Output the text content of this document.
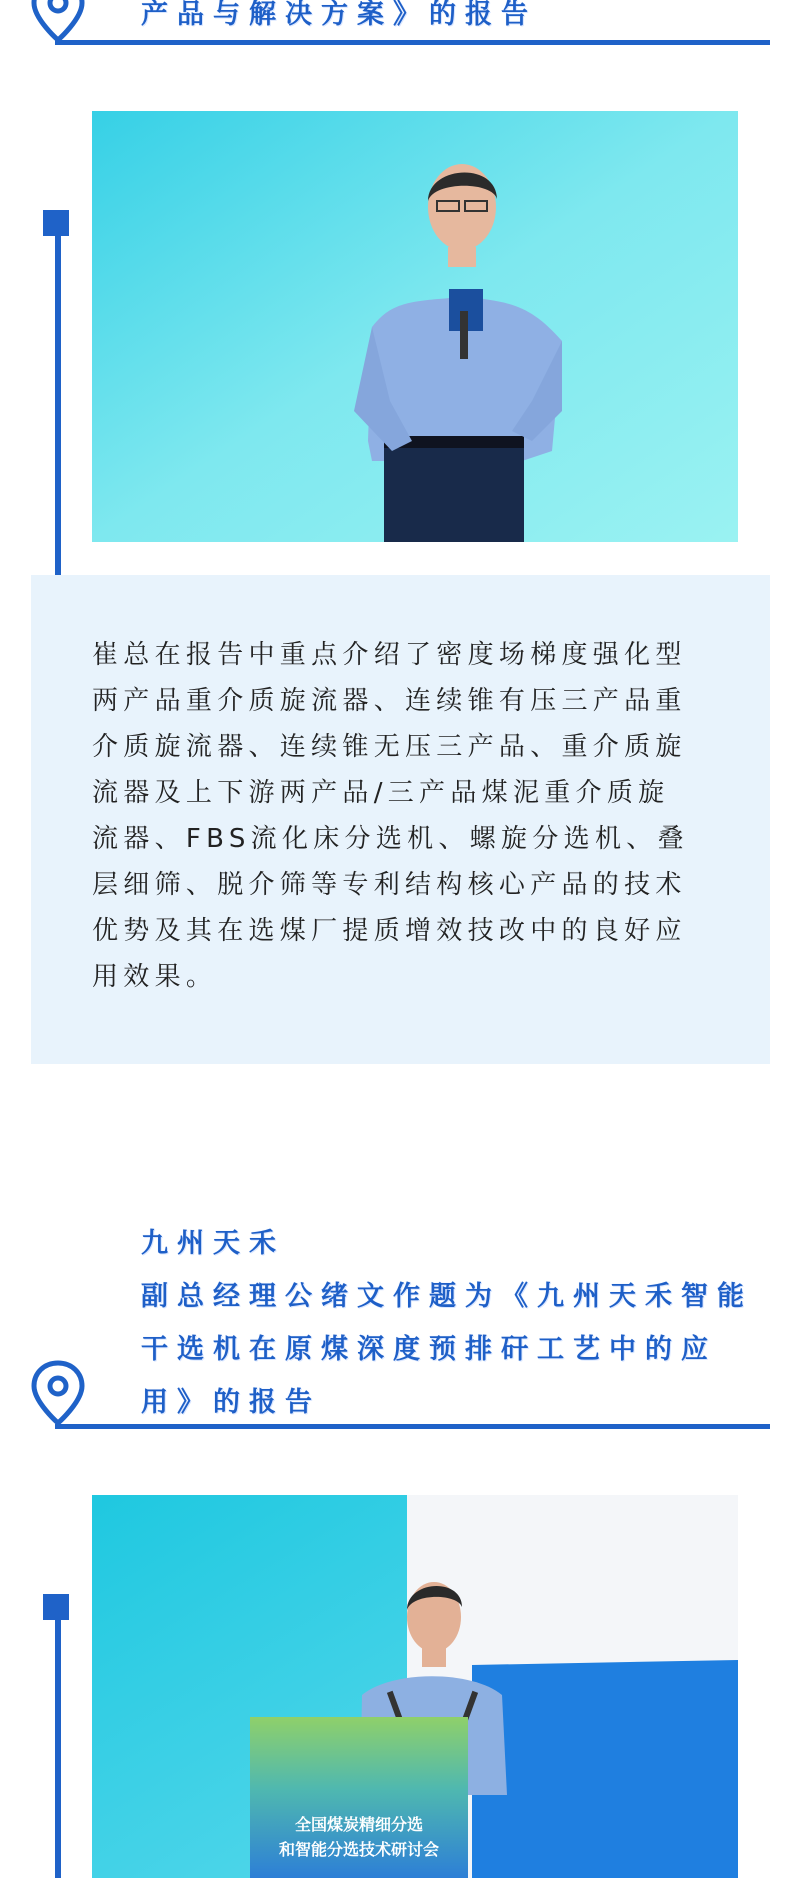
产品与解决方案》的报告

崔总在报告中重点介绍了密度场梯度强化型

两产品重介质旋流器、连续锥有压三产品重

介质旋流器、连续锥无压三产品、重介质旋

流器及上下游两产品/三产品煤泥重介质旋

流器、FBS流化床分选机、螺旋分选机、叠

层细筛、脱介筛等专利结构核心产品的技术

优势及其在选煤厂提质增效技改中的良好应

用效果。

九州天禾

副总经理公绪文作题为《九州天禾智能

干选机在原煤深度预排矸工艺中的应

用》的报告

全国煤炭精细分选
和智能分选技术研讨会
